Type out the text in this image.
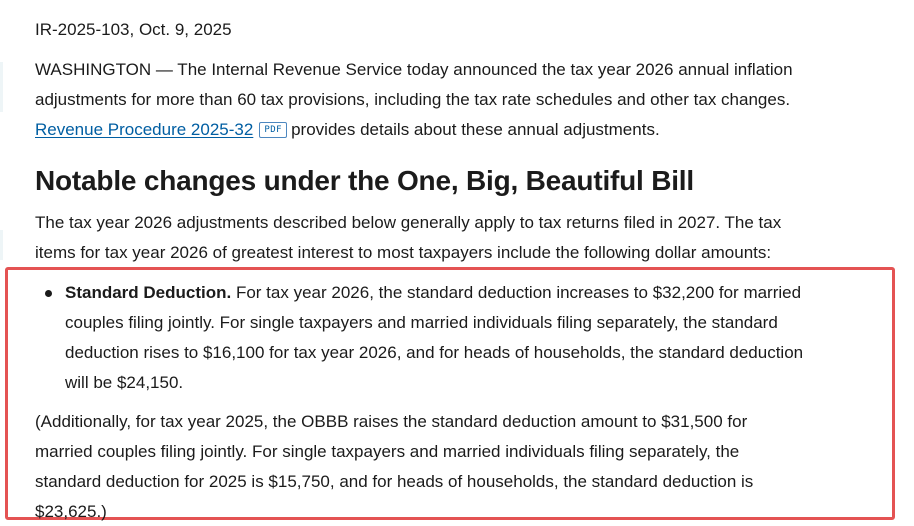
IR-2025-103, Oct. 9, 2025

WASHINGTON — The Internal Revenue Service today announced the tax year 2026 annual inflation
adjustments for more than 60 tax provisions, including the tax rate schedules and other tax changes.
Revenue Procedure 2025-32 PDF provides details about these annual adjustments.
Notable changes under the One, Big, Beautiful Bill
The tax year 2026 adjustments described below generally apply to tax returns filed in 2027. The tax
items for tax year 2026 of greatest interest to most taxpayers include the following dollar amounts:
Standard Deduction. For tax year 2026, the standard deduction increases to $32,200 for married
couples filing jointly. For single taxpayers and married individuals filing separately, the standard
deduction rises to $16,100 for tax year 2026, and for heads of households, the standard deduction
will be $24,150.
(Additionally, for tax year 2025, the OBBB raises the standard deduction amount to $31,500 for
married couples filing jointly. For single taxpayers and married individuals filing separately, the
standard deduction for 2025 is $15,750, and for heads of households, the standard deduction is
$23,625.)
